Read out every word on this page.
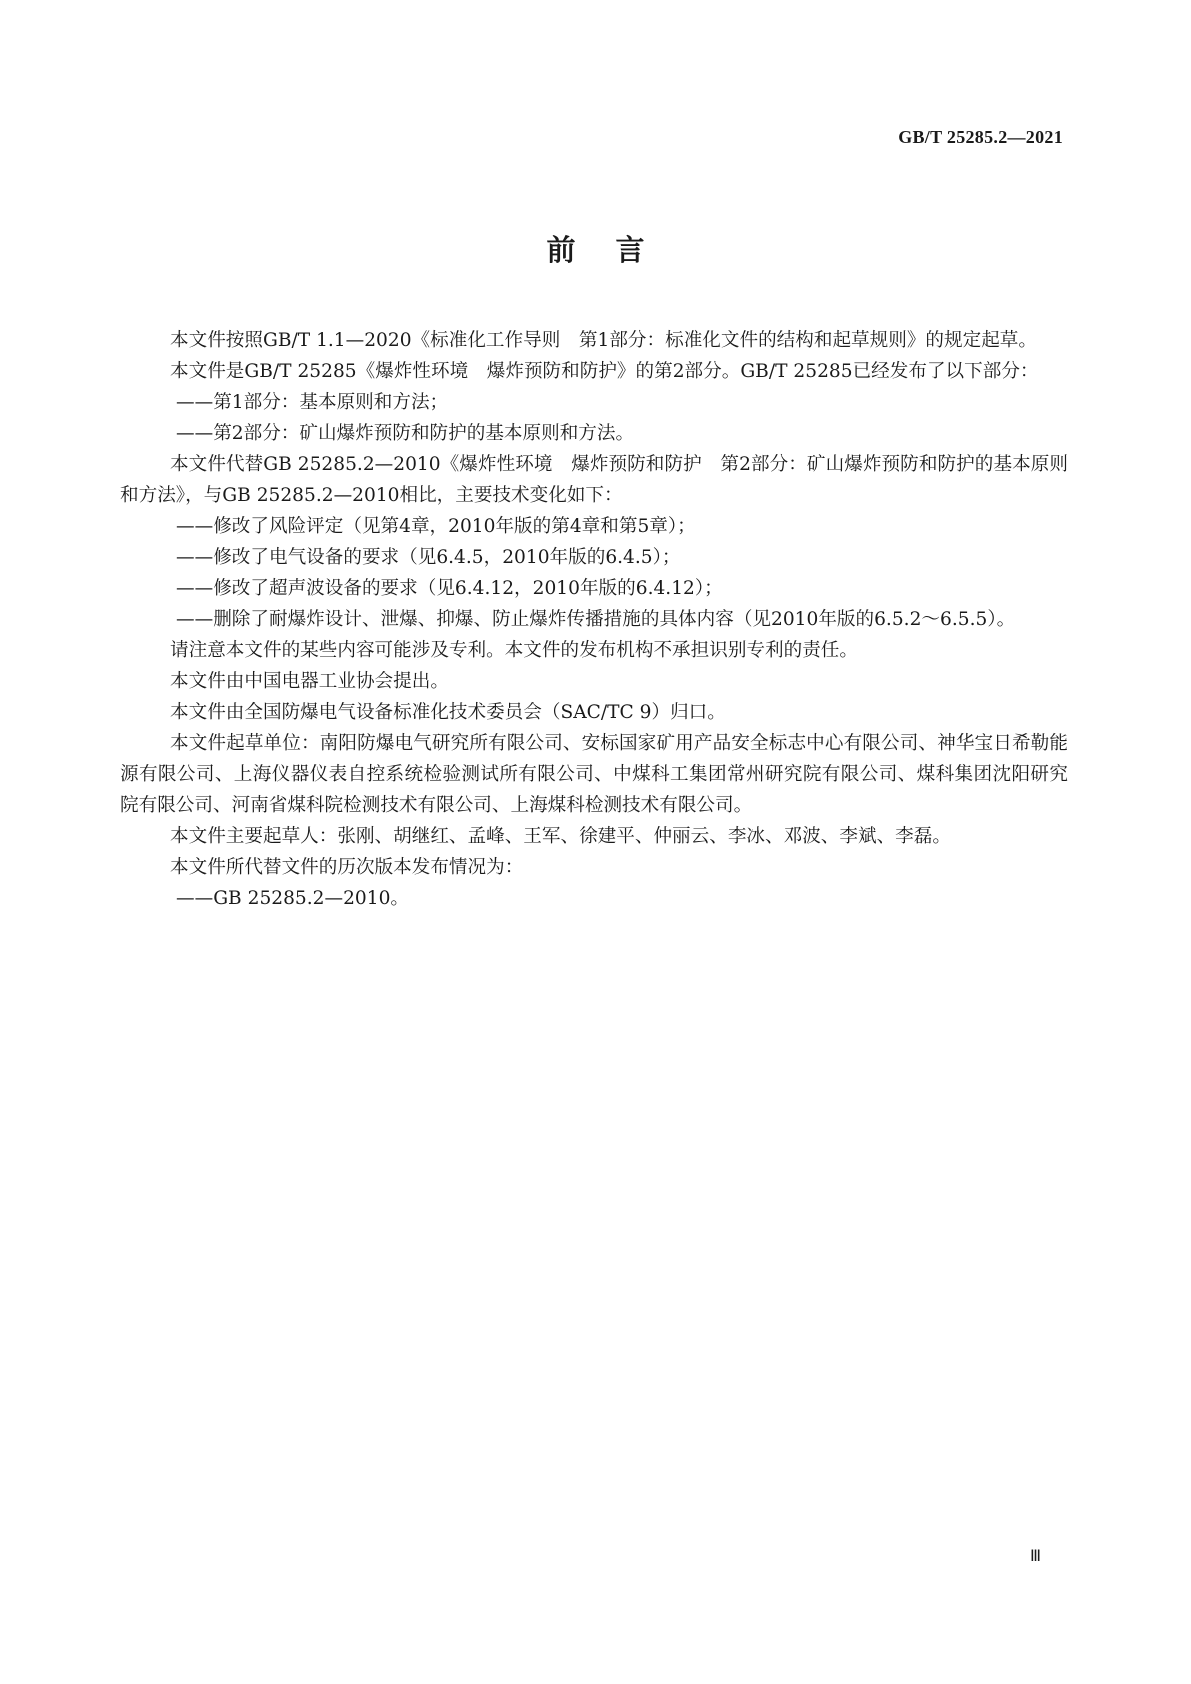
GB/T 25285.2—2021
前言

本文件按照GB/T 1.1—2020《标准化工作导则　第1部分：标准化文件的结构和起草规则》的规定起草。

本文件是GB/T 25285《爆炸性环境　爆炸预防和防护》的第2部分。GB/T 25285已经发布了以下部分：

——第1部分：基本原则和方法；

——第2部分：矿山爆炸预防和防护的基本原则和方法。

本文件代替GB 25285.2—2010《爆炸性环境　爆炸预防和防护　第2部分：矿山爆炸预防和防护的基本原则和方法》，与GB 25285.2—2010相比，主要技术变化如下：

——修改了风险评定（见第4章，2010年版的第4章和第5章）；

——修改了电气设备的要求（见6.4.5，2010年版的6.4.5）；

——修改了超声波设备的要求（见6.4.12，2010年版的6.4.12）；

——删除了耐爆炸设计、泄爆、抑爆、防止爆炸传播措施的具体内容（见2010年版的6.5.2～6.5.5）。

请注意本文件的某些内容可能涉及专利。本文件的发布机构不承担识别专利的责任。

本文件由中国电器工业协会提出。

本文件由全国防爆电气设备标准化技术委员会（SAC/TC 9）归口。

本文件起草单位：南阳防爆电气研究所有限公司、安标国家矿用产品安全标志中心有限公司、神华宝日希勒能源有限公司、上海仪器仪表自控系统检验测试所有限公司、中煤科工集团常州研究院有限公司、煤科集团沈阳研究院有限公司、河南省煤科院检测技术有限公司、上海煤科检测技术有限公司。

本文件主要起草人：张刚、胡继红、孟峰、王军、徐建平、仲丽云、李冰、邓波、李斌、李磊。

本文件所代替文件的历次版本发布情况为：

——GB 25285.2—2010。

Ⅲ
